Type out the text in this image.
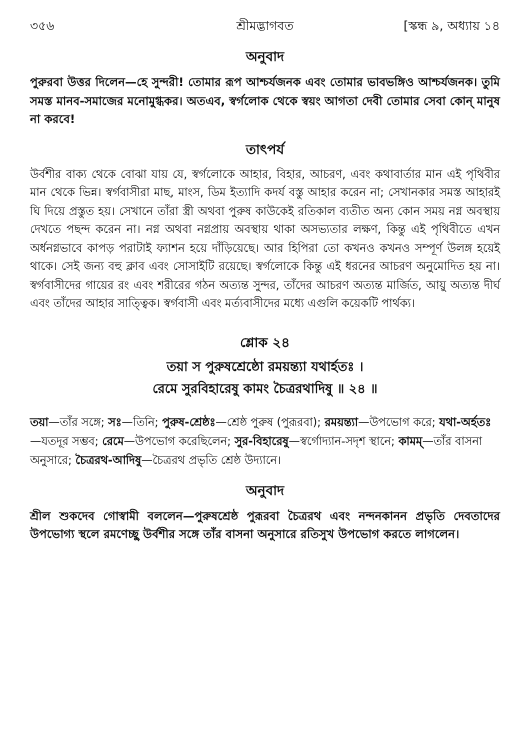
৩৫৬	শ্রীমদ্ভাগবত	[স্কন্ধ ৯, অধ্যায় ১৪
অনুবাদ

পুরুরবা উত্তর দিলেন—হে সুন্দরী! তোমার রূপ আশ্চর্যজনক এবং তোমার ভাবভঙ্গিও আশ্চর্যজনক। তুমি সমস্ত মানব-সমাজের মনোমুগ্ধকর। অতএব, স্বর্গলোক থেকে স্বয়ং আগতা দেবী তোমার সেবা কোন্ মানুষ না করবে!

তাৎপর্য

উর্বশীর বাক্য থেকে বোঝা যায় যে, স্বর্গলোকে আহার, বিহার, আচরণ, এবং কথাবার্তার মান এই পৃথিবীর মান থেকে ভিন্ন। স্বর্গবাসীরা মাছ, মাংস, ডিম ইত্যাদি কদর্য বস্তু আহার করেন না; সেখানকার সমস্ত আহারই ঘি দিয়ে প্রস্তুত হয়। সেখানে তাঁরা স্ত্রী অথবা পুরুষ কাউকেই রতিকাল ব্যতীত অন্য কোন সময় নগ্ন অবস্থায় দেখতে পছন্দ করেন না। নগ্ন অথবা নগ্নপ্রায় অবস্থায় থাকা অসভ্যতার লক্ষণ, কিন্তু এই পৃথিবীতে এখন অর্ধনগ্নভাবে কাপড় পরাটাই ফ্যাশন হয়ে দাঁড়িয়েছে। আর হিপিরা তো কখনও কখনও সম্পূর্ণ উলঙ্গ হয়েই থাকে। সেই জন্য বহু ক্লাব এবং সোসাইটি রয়েছে। স্বর্গলোকে কিন্তু এই ধরনের আচরণ অনুমোদিত হয় না। স্বর্গবাসীদের গায়ের রং এবং শরীরের গঠন অত্যন্ত সুন্দর, তাঁদের আচরণ অত্যন্ত মার্জিত, আয়ু অত্যন্ত দীর্ঘ এবং তাঁদের আহার সাত্ত্বিক। স্বর্গবাসী এবং মর্ত্যবাসীদের মধ্যে এগুলি কয়েকটি পার্থক্য।

শ্লোক ২৪
তয়া স পুরুষশ্রেষ্ঠো রময়ন্ত্যা যথার্হতঃ ।
রেমে সুরবিহারেষু কামং চৈত্ররথাদিষু ॥ ২৪ ॥
তয়া—তাঁর সঙ্গে; সঃ—তিনি; পুরুষ-শ্রেষ্ঠঃ—শ্রেষ্ঠ পুরুষ (পুরূরবা); রময়ন্ত্যা—উপভোগ করে; যথা-অর্হতঃ—যতদূর সম্ভব; রেমে—উপভোগ করেছিলেন; সুর-বিহারেষু—স্বর্গোদ্যান-সদৃশ স্থানে; কামম্—তাঁর বাসনা অনুসারে; চৈত্ররথ-আদিষু—চৈত্ররথ প্রভৃতি শ্রেষ্ঠ উদ্যানে।
অনুবাদ

শ্রীল শুকদেব গোস্বামী বললেন—পুরুষশ্রেষ্ঠ পুরূরবা চৈত্ররথ এবং নন্দনকানন প্রভৃতি দেবতাদের উপভোগ্য স্থলে রমণেচ্ছু উর্বশীর সঙ্গে তাঁর বাসনা অনুসারে রতিসুখ উপভোগ করতে লাগলেন।
